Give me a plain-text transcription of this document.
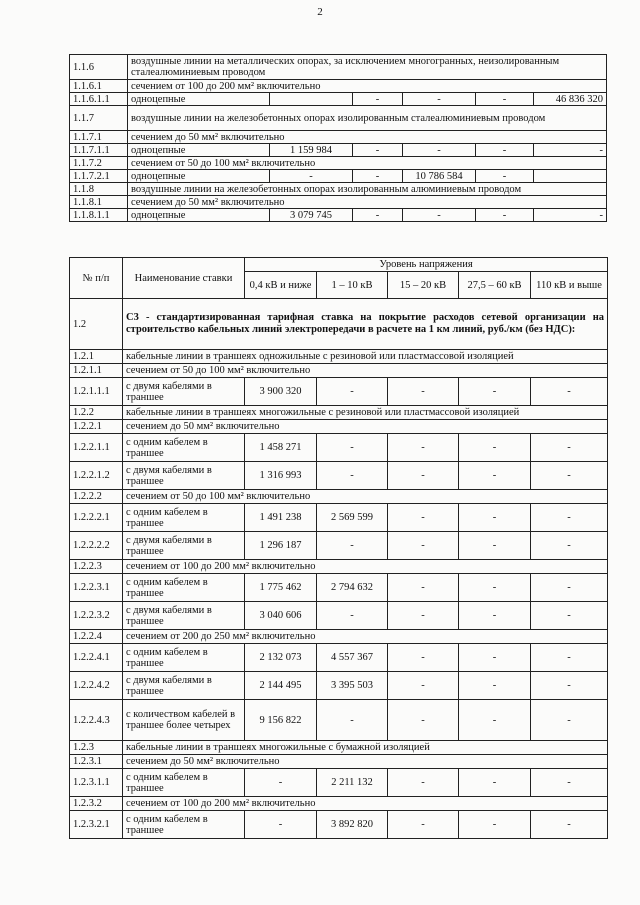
2
1.1.6	воздушные линии на металлических опорах, за исключением многогранных, неизолированным сталеалюминиевым проводом					
1.1.6.1	сечением от 100 до 200 мм² включительно					
1.1.6.1.1	одноцепные		-	-	-	46 836 320
1.1.7	воздушные линии на железобетонных опорах изолированным сталеалюминиевым проводом					
1.1.7.1	сечением до 50 мм² включительно					
1.1.7.1.1	одноцепные	1 159 984	-	-	-	-
1.1.7.2	сечением от 50 до 100 мм² включительно					
1.1.7.2.1	одноцепные	-	-	10 786 584	-	
1.1.8	воздушные линии на железобетонных опорах изолированным алюминиевым проводом					
1.1.8.1	сечением до 50 мм² включительно					
1.1.8.1.1	одноцепные	3 079 745	-	-	-	-
№ п/п	Наименование ставки	Уровень напряжения				
		0,4 кВ и ниже	1 – 10 кВ	15 – 20 кВ	27,5 – 60 кВ	110 кВ и выше
1.2	С3 - стандартизированная тарифная ставка на покрытие расходов сетевой организации на строительство кабельных линий электропередачи в расчете на 1 км линий, руб./км (без НДС):					
1.2.1	кабельные линии в траншеях одножильные с резиновой или пластмассовой изоляцией					
1.2.1.1	сечением от 50 до 100 мм² включительно					
1.2.1.1.1	с двумя кабелями в траншее	3 900 320	-	-	-	-
1.2.2	кабельные линии в траншеях многожильные с резиновой или пластмассовой изоляцией					
1.2.2.1	сечением до 50 мм² включительно					
1.2.2.1.1	с одним кабелем в траншее	1 458 271	-	-	-	-
1.2.2.1.2	с двумя кабелями в траншее	1 316 993	-	-	-	-
1.2.2.2	сечением от 50 до 100 мм² включительно					
1.2.2.2.1	с одним кабелем в траншее	1 491 238	2 569 599	-	-	-
1.2.2.2.2	с двумя кабелями в траншее	1 296 187	-	-	-	-
1.2.2.3	сечением от 100 до 200 мм² включительно					
1.2.2.3.1	с одним кабелем в траншее	1 775 462	2 794 632	-	-	-
1.2.2.3.2	с двумя кабелями в траншее	3 040 606	-	-	-	-
1.2.2.4	сечением от 200 до 250 мм² включительно					
1.2.2.4.1	с одним кабелем в траншее	2 132 073	4 557 367	-	-	-
1.2.2.4.2	с двумя кабелями в траншее	2 144 495	3 395 503	-	-	-
1.2.2.4.3	с количеством кабелей в траншее более четырех	9 156 822	-	-	-	-
1.2.3	кабельные линии в траншеях многожильные с бумажной изоляцией					
1.2.3.1	сечением до 50 мм² включительно					
1.2.3.1.1	с одним кабелем в траншее	-	2 211 132	-	-	-
1.2.3.2	сечением от 100 до 200 мм² включительно					
1.2.3.2.1	с одним кабелем в траншее	-	3 892 820	-	-	-
